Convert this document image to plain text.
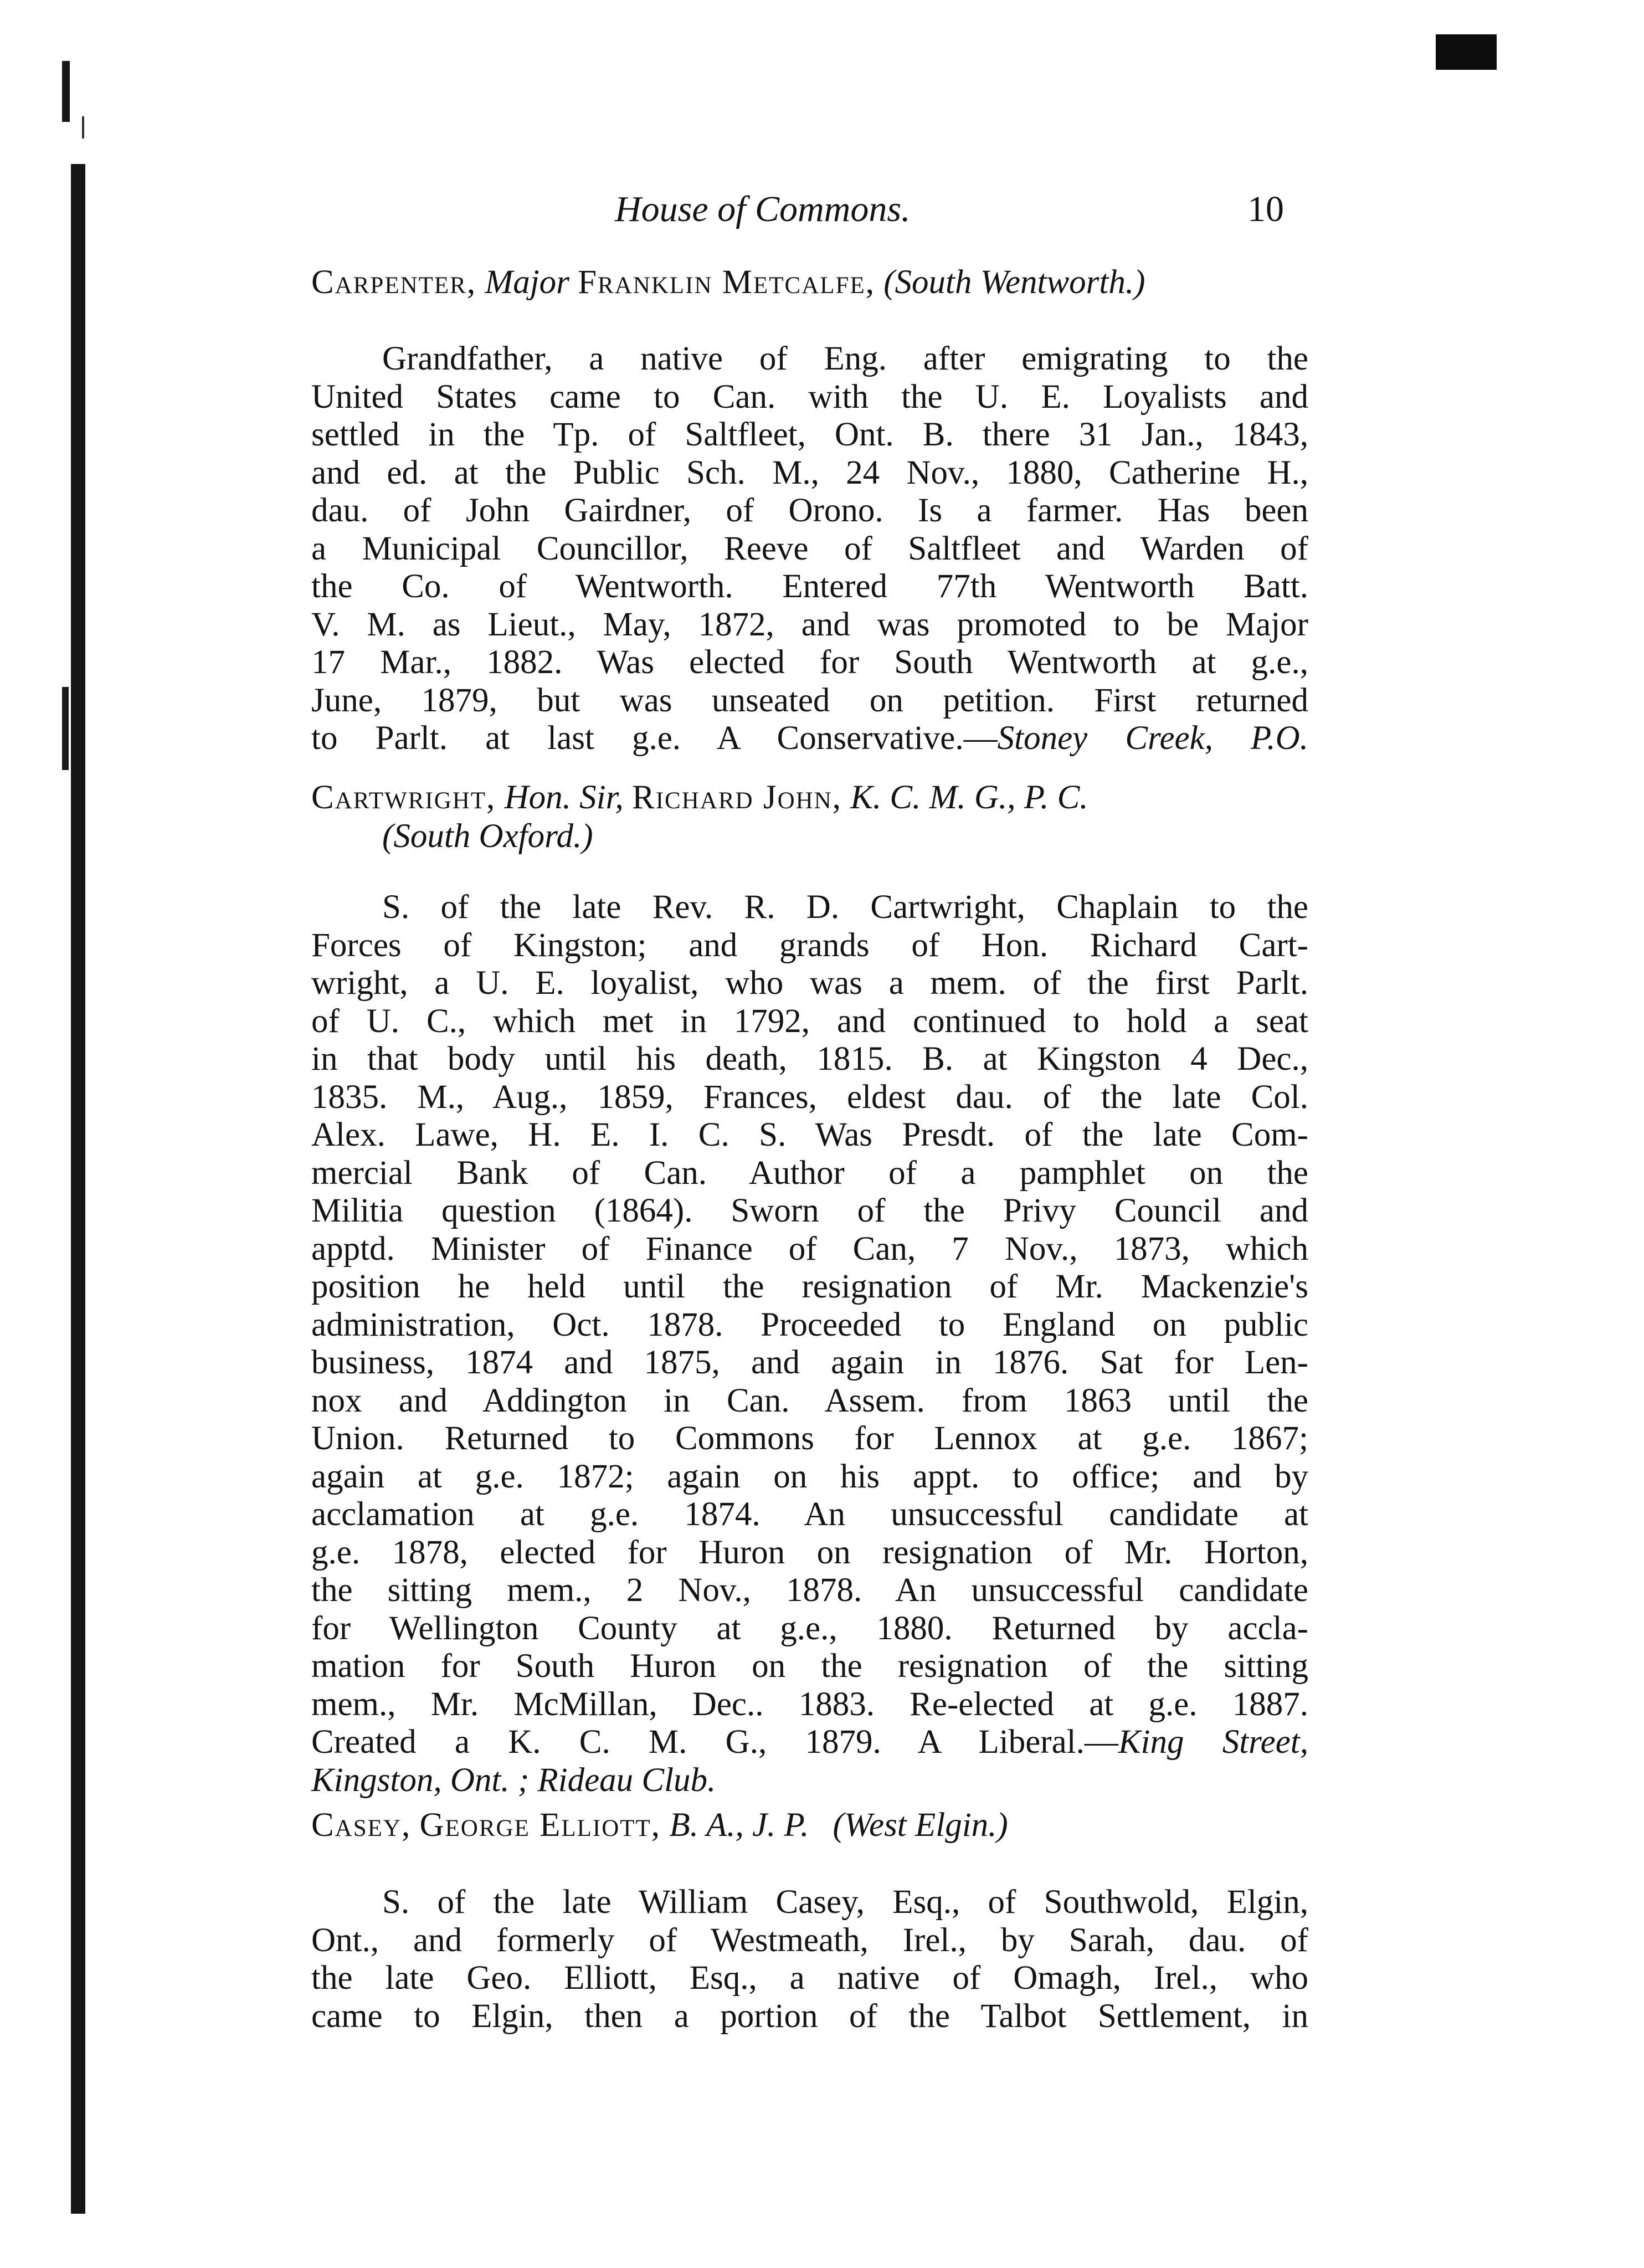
House of Commons.	10
Carpenter, Major Franklin Metcalfe, (South Wentworth.)
Grandfather, a native of Eng. after emigrating to the
United States came to Can. with the U. E. Loyalists and
settled in the Tp. of Saltfleet, Ont. B. there 31 Jan., 1843,
and ed. at the Public Sch. M., 24 Nov., 1880, Catherine H.,
dau. of John Gairdner, of Orono. Is a farmer. Has been
a Municipal Councillor, Reeve of Saltfleet and Warden of
the Co. of Wentworth. Entered 77th Wentworth Batt.
V. M. as Lieut., May, 1872, and was promoted to be Major
17 Mar., 1882. Was elected for South Wentworth at g.e.,
June, 1879, but was unseated on petition. First returned
to Parlt. at last g.e. A Conservative.—Stoney Creek, P.O.
Cartwright, Hon. Sir, Richard John, K. C. M. G., P. C.
(South Oxford.)
S. of the late Rev. R. D. Cartwright, Chaplain to the
Forces of Kingston; and grands of Hon. Richard Cart-
wright, a U. E. loyalist, who was a mem. of the first Parlt.
of U. C., which met in 1792, and continued to hold a seat
in that body until his death, 1815. B. at Kingston 4 Dec.,
1835. M., Aug., 1859, Frances, eldest dau. of the late Col.
Alex. Lawe, H. E. I. C. S. Was Presdt. of the late Com-
mercial Bank of Can. Author of a pamphlet on the
Militia question (1864). Sworn of the Privy Council and
apptd. Minister of Finance of Can, 7 Nov., 1873, which
position he held until the resignation of Mr. Mackenzie's
administration, Oct. 1878. Proceeded to England on public
business, 1874 and 1875, and again in 1876. Sat for Len-
nox and Addington in Can. Assem. from 1863 until the
Union. Returned to Commons for Lennox at g.e. 1867;
again at g.e. 1872; again on his appt. to office; and by
acclamation at g.e. 1874. An unsuccessful candidate at
g.e. 1878, elected for Huron on resignation of Mr. Horton,
the sitting mem., 2 Nov., 1878. An unsuccessful candidate
for Wellington County at g.e., 1880. Returned by accla-
mation for South Huron on the resignation of the sitting
mem., Mr. McMillan, Dec.. 1883. Re-elected at g.e. 1887.
Created a K. C. M. G., 1879. A Liberal.—King Street,
Kingston, Ont. ; Rideau Club.
Casey, George Elliott, B. A., J. P. (West Elgin.)
S. of the late William Casey, Esq., of Southwold, Elgin,
Ont., and formerly of Westmeath, Irel., by Sarah, dau. of
the late Geo. Elliott, Esq., a native of Omagh, Irel., who
came to Elgin, then a portion of the Talbot Settlement, in
